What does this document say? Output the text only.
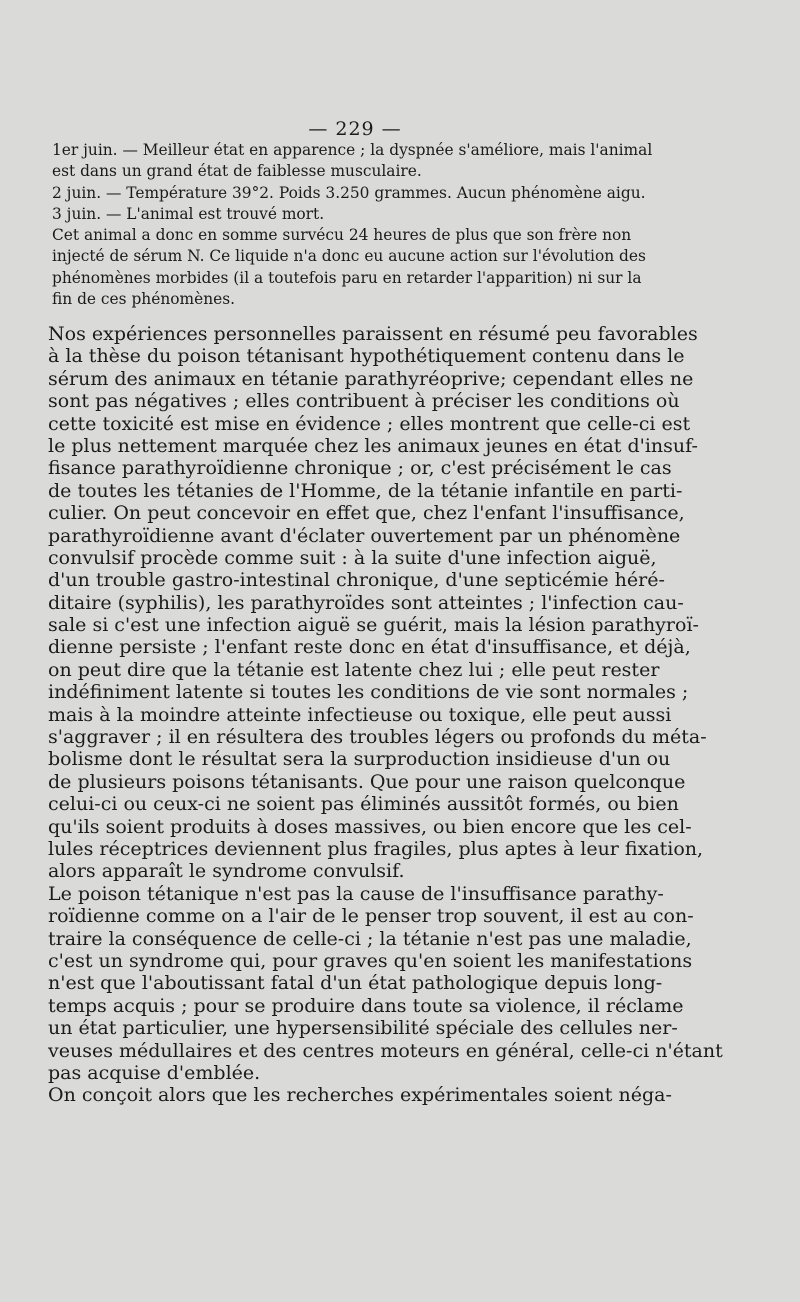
— 229 —
1er juin. — Meilleur état en apparence ; la dyspnée s'améliore, mais l'animal
est dans un grand état de faiblesse musculaire.
2 juin. — Température 39°2. Poids 3.250 grammes. Aucun phénomène aigu.
3 juin. — L'animal est trouvé mort.
Cet animal a donc en somme survécu 24 heures de plus que son frère non
injecté de sérum N. Ce liquide n'a donc eu aucune action sur l'évolution des
phénomènes morbides (il a toutefois paru en retarder l'apparition) ni sur la
fin de ces phénomènes.
Nos expériences personnelles paraissent en résumé peu favorables
à la thèse du poison tétanisant hypothétiquement contenu dans le
sérum des animaux en tétanie parathyréoprive; cependant elles ne
sont pas négatives ; elles contribuent à préciser les conditions où
cette toxicité est mise en évidence ; elles montrent que celle-ci est
le plus nettement marquée chez les animaux jeunes en état d'insuf-
fisance parathyroïdienne chronique ; or, c'est précisément le cas
de toutes les tétanies de l'Homme, de la tétanie infantile en parti-
culier. On peut concevoir en effet que, chez l'enfant l'insuffisance,
parathyroïdienne avant d'éclater ouvertement par un phénomène
convulsif procède comme suit : à la suite d'une infection aiguë,
d'un trouble gastro-intestinal chronique, d'une septicémie héré-
ditaire (syphilis), les parathyroïdes sont atteintes ; l'infection cau-
sale si c'est une infection aiguë se guérit, mais la lésion parathyroï-
dienne persiste ; l'enfant reste donc en état d'insuffisance, et déjà,
on peut dire que la tétanie est latente chez lui ; elle peut rester
indéfiniment latente si toutes les conditions de vie sont normales ;
mais à la moindre atteinte infectieuse ou toxique, elle peut aussi
s'aggraver ; il en résultera des troubles légers ou profonds du méta-
bolisme dont le résultat sera la surproduction insidieuse d'un ou
de plusieurs poisons tétanisants. Que pour une raison quelconque
celui-ci ou ceux-ci ne soient pas éliminés aussitôt formés, ou bien
qu'ils soient produits à doses massives, ou bien encore que les cel-
lules réceptrices deviennent plus fragiles, plus aptes à leur fixation,
alors apparaît le syndrome convulsif.
Le poison tétanique n'est pas la cause de l'insuffisance parathy-
roïdienne comme on a l'air de le penser trop souvent, il est au con-
traire la conséquence de celle-ci ; la tétanie n'est pas une maladie,
c'est un syndrome qui, pour graves qu'en soient les manifestations
n'est que l'aboutissant fatal d'un état pathologique depuis long-
temps acquis ; pour se produire dans toute sa violence, il réclame
un état particulier, une hypersensibilité spéciale des cellules ner-
veuses médullaires et des centres moteurs en général, celle-ci n'étant
pas acquise d'emblée.
On conçoit alors que les recherches expérimentales soient néga-
